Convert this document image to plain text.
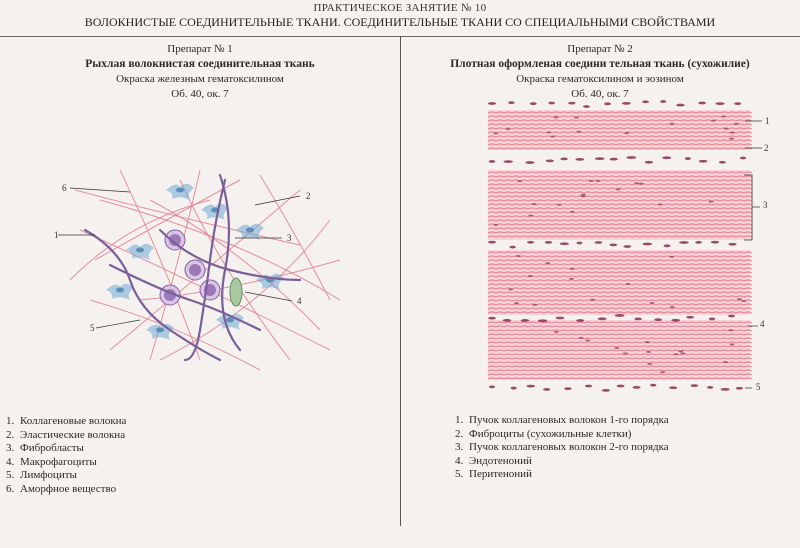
ПРАКТИЧЕСКОЕ ЗАНЯТИЕ № 10
ВОЛОКНИСТЫЕ СОЕДИНИТЕЛЬНЫЕ ТКАНИ. СОЕДИНИТЕЛЬНЫЕ ТКАНИ СО СПЕЦИАЛЬНЫМИ СВОЙСТВАМИ
Препарат № 1
Рыхлая волокнистая соединительная ткань
Окраска железным гематоксилином
Об. 40, ок. 7
Препарат № 2
Плотная оформленая соедини тельная ткань (сухожилие)
Окраска гематоксилином и эозином
Об. 40, ок. 7
6
1
5
2
3
4
1
2
3
4
5
1. Коллагеновые волокна
2. Эластические волокна
3. Фибробласты
4. Макрофагоциты
5. Лимфоциты
6. Аморфное вещество
1. Пучок коллагеновых волокон 1-го порядка
2. Фиброциты (сухожильные клетки)
3. Пучок коллагеновых волокон 2-го порядка
4. Эндотеноний
5. Перитеноний
